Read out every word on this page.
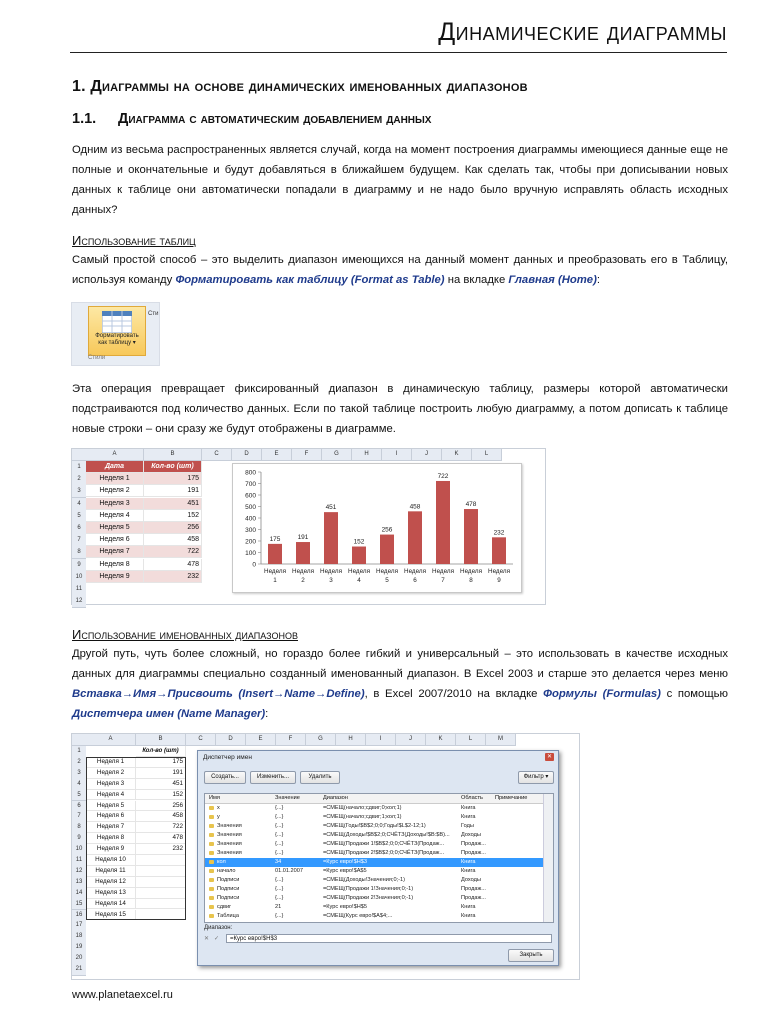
Динамические диаграммы
1. Диаграммы на основе динамических именованных диапазонов
1.1. Диаграмма с автоматическим добавлением данных
Одним из весьма распространенных является случай, когда на момент построения диаграммы имеющиеся данные еще не полные и окончательные и будут добавляться в ближайшем будущем. Как сделать так, чтобы при дописывании новых данных к таблице они автоматически попадали в диаграмму и не надо было вручную исправлять область исходных данных?
Использование таблиц
Самый простой способ – это выделить диапазон имеющихся на данный момент данных и преобразовать его в Таблицу, используя команду Форматировать как таблицу (Format as Table) на вкладке Главная (Home):
Форматировать
как таблицу ▾
Сти
Стили
Эта операция превращает фиксированный диапазон в динамическую таблицу, размеры которой автоматически подстраиваются под количество данных. Если по такой таблице построить любую диаграмму, а потом дописать к таблице новые строки – они сразу же будут отображены в диаграмме.
A	B	C	D	E	F	G	H	I	J	K	L
1
2
3
4
5
6
7
8
9
10
11
12
Дата	Кол-во (шт)
Неделя 1	175
Неделя 2	191
Неделя 3	451
Неделя 4	152
Неделя 5	256
Неделя 6	458
Неделя 7	722
Неделя 8	478
Неделя 9	232
0
100
200
300
400
500
600
700
800
175
Неделя
1
191
Неделя
2
451
Неделя
3
152
Неделя
4
256
Неделя
5
458
Неделя
6
722
Неделя
7
478
Неделя
8
232
Неделя
9
Использование именованных диапазонов
Другой путь, чуть более сложный, но гораздо более гибкий и универсальный – это использовать в качестве исходных данных для диаграммы специально созданный именованный диапазон. В Excel 2003 и старше это делается через меню Вставка→Имя→Присвоить (Insert→Name→Define), в Excel 2007/2010 на вкладке Формулы (Formulas) с помощью Диспетчера имен (Name Manager):
A	B	C	D	E	F	G	H	I	J	K	L	M
1
2
3
4
5
6
7
8
9
10
11
12
13
14
15
16
17
18
19
20
21
Кол-во (шт)
Неделя 1	175
Неделя 2	191
Неделя 3	451
Неделя 4	152
Неделя 5	256
Неделя 6	458
Неделя 7	722
Неделя 8	478
Неделя 9	232
Неделя 10
Неделя 11
Неделя 12
Неделя 13
Неделя 14
Неделя 15
Диспетчер имен	✕
Создать...	Изменить...	Удалить	Фильтр ▾
Имя	Значение	Диапазон	Область Примечание
x	{...}	=СМЕЩ(начало;сдвиг;0;кол;1)	Книга
y	{...}	=СМЕЩ(начало;сдвиг;1;кол;1)	Книга
Значения	{...}	=СМЕЩ(Годы!$B$2;0;0;Годы!$L$2-12;1)	Годы
Значения	{...}	=СМЕЩ(Доходы!$B$2;0;СЧЁТЗ(Доходы!$B:$B)...	Доходы
Значения	{...}	=СМЕЩ(Продажи 1!$B$2;0;0;СЧЁТЗ(Продаж...	Продаж...
Значения	{...}	=СМЕЩ(Продажи 2!$B$2;0;0;СЧЁТЗ(Продаж...	Продаж...
кол	34	=Курс евро!$H$3	Книга
начало	01.01.2007	=Курс евро!$A$5	Книга
Подписи	{...}	=СМЕЩ(Доходы!Значения;0;-1)	Доходы
Подписи	{...}	=СМЕЩ(Продажи 1!Значения;0;-1)	Продаж...
Подписи	{...}	=СМЕЩ(Продажи 2!Значения;0;-1)	Продаж...
сдвиг	21	=Курс евро!$H$5	Книга
Таблица	{...}	=СМЕЩ(Курс евро!$A$4;...	Книга
Диапазон:
✕ ✓	=Курс евро!$H$3
Закрыть
www.planetaexcel.ru
